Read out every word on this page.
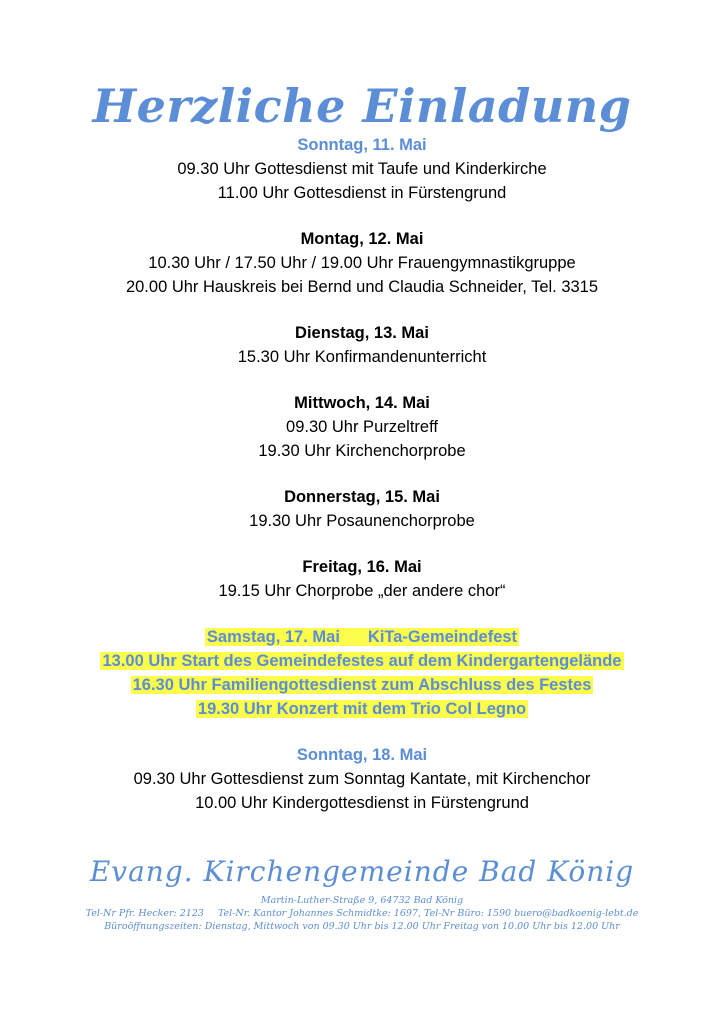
Herzliche Einladung
Sonntag, 11. Mai
09.30 Uhr Gottesdienst mit Taufe und Kinderkirche
11.00 Uhr Gottesdienst in Fürstengrund
Montag, 12. Mai
10.30 Uhr / 17.50 Uhr / 19.00 Uhr Frauengymnastikgruppe
20.00 Uhr Hauskreis bei Bernd und Claudia Schneider, Tel. 3315
Dienstag, 13. Mai
15.30 Uhr Konfirmandenunterricht
Mittwoch, 14. Mai
09.30 Uhr Purzeltreff
19.30 Uhr Kirchenchorprobe
Donnerstag, 15. Mai
19.30 Uhr Posaunenchorprobe
Freitag, 16. Mai
19.15 Uhr Chorprobe „der andere chor“
Samstag, 17. Mai KiTa-Gemeindefest
13.00 Uhr Start des Gemeindefestes auf dem Kindergartengelände
16.30 Uhr Familiengottesdienst zum Abschluss des Festes
19.30 Uhr Konzert mit dem Trio Col Legno
Sonntag, 18. Mai
09.30 Uhr Gottesdienst zum Sonntag Kantate, mit Kirchenchor
10.00 Uhr Kindergottesdienst in Fürstengrund
Evang. Kirchengemeinde Bad König
Martin-Luther-Straße 9, 64732 Bad König
Tel-Nr Pfr. Hecker: 2123 Tel-Nr. Kantor Johannes Schmidtke: 1697, Tel-Nr Büro: 1590 buero@badkoenig-lebt.de
Büroöffnungszeiten: Dienstag, Mittwoch von 09.30 Uhr bis 12.00 Uhr Freitag von 10.00 Uhr bis 12.00 Uhr
